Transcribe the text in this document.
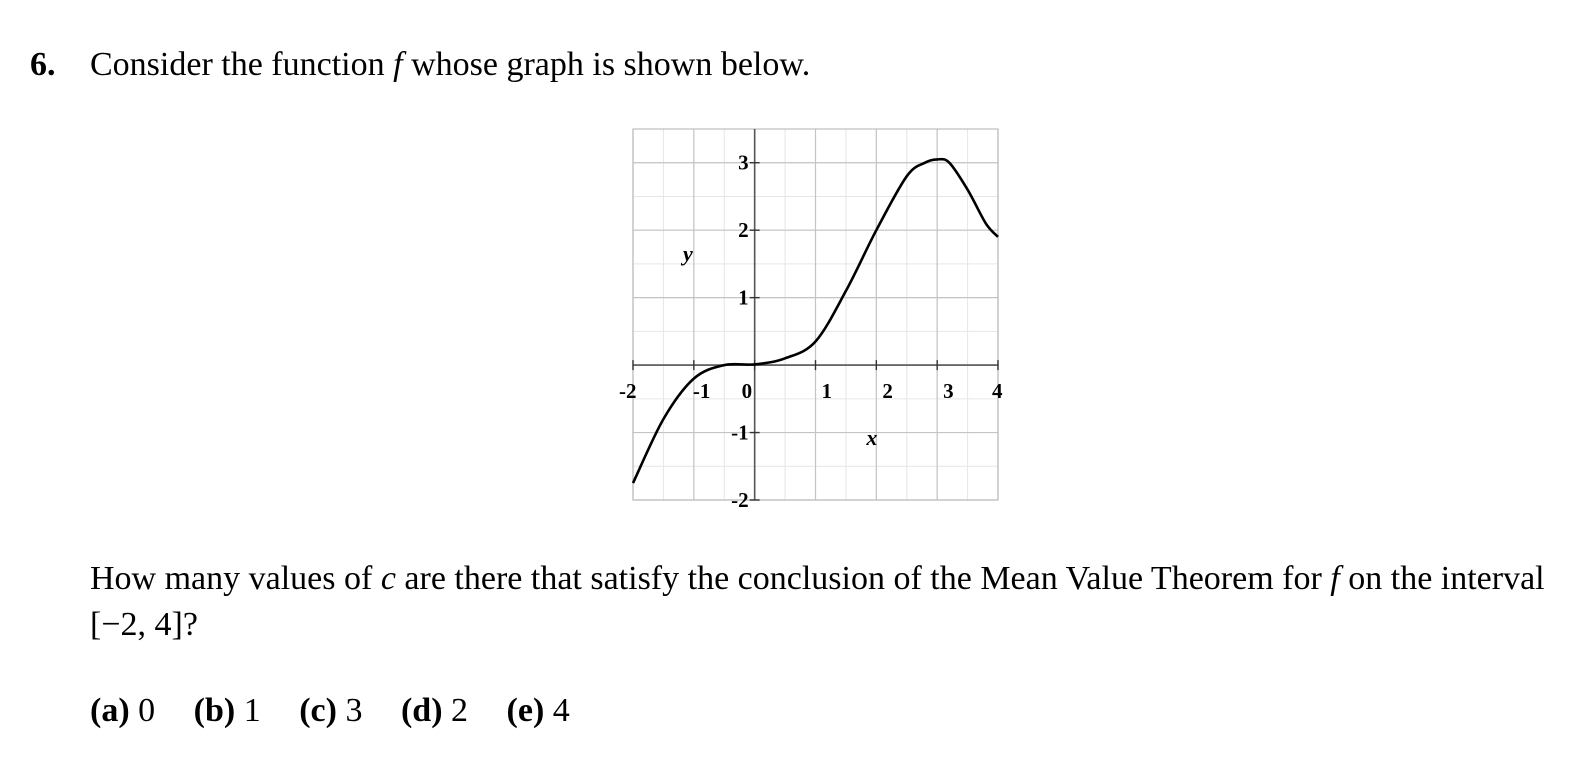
6. Consider the function f whose graph is shown below.
-2	-1 0	1 2 3 4
3
2
1
-1
-2
y
x
How many values of c are there that satisfy the conclusion of the Mean Value Theorem for f on the interval [−2, 4]?
(a) 0 (b) 1 (c) 3 (d) 2 (e) 4
